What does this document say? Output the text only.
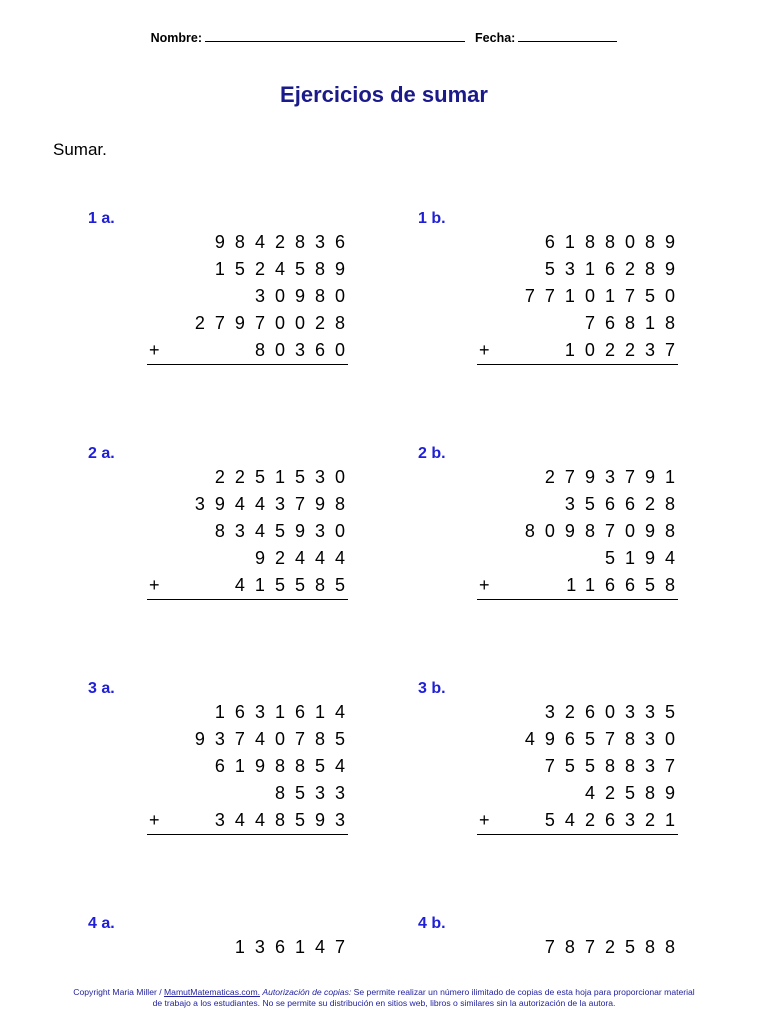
Nombre:	Fecha:
Ejercicios de sumar
Sumar.
1 a.
9842836
1524589
30980
27970028
+	80360
1 b.
6188089
5316289
77101750
76818
+	102237
2 a.
2251530
39443798
8345930
92444
+	415585
2 b.
2793791
356628
80987098
5194
+	116658
3 a.
1631614
93740785
6198854
8533
+	3448593
3 b.
3260335
49657830
7558837
42589
+	5426321
4 a.
136147
4 b.
7872588
Copyright Maria Miller / MamutMatematicas.com. Autorización de copias: Se permite realizar un número ilimitado de copias de esta hoja para proporcionar material
de trabajo a los estudiantes. No se permite su distribución en sitios web, libros o similares sin la autorización de la autora.
